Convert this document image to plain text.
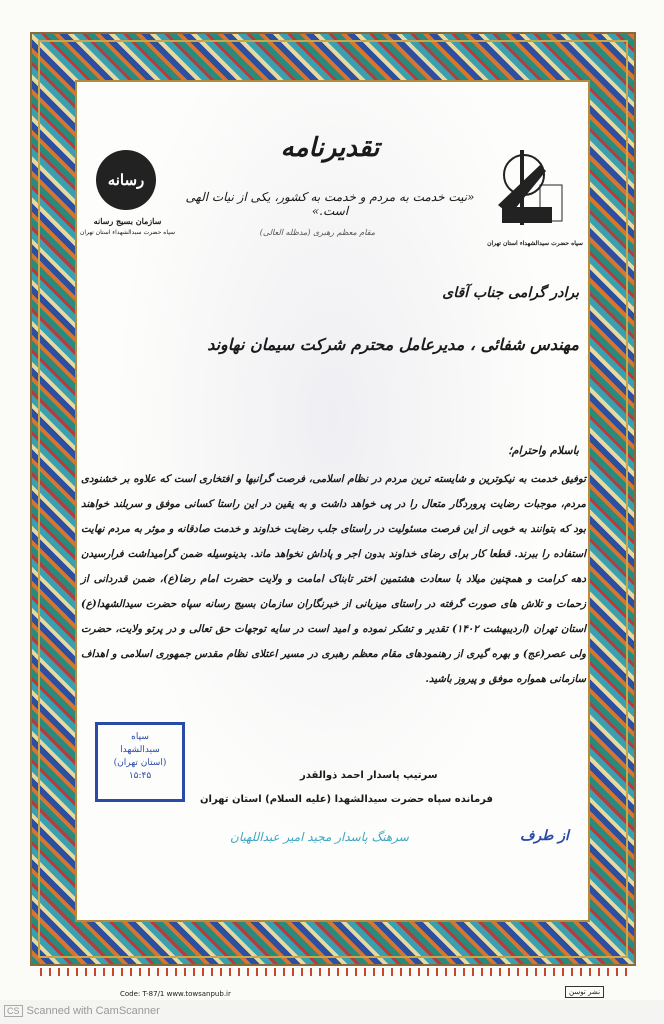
تقدیرنامه
«نیت خدمت به مردم و خدمت به کشور، یکی از نیات الهی است.»
مقام معظم رهبری (مدظله العالی)
رسانه
سازمان بسیج رسانه
سپاه حضرت سیدالشهداء استان تهران
سپاه حضرت سیدالشهداء استان تهران
برادر گرامی جناب آقای
مهندس شفائی ، مدیرعامل محترم شرکت سیمان نهاوند
باسلام واحترام؛
توفیق خدمت به نیکوترین و شایسته ترین مردم در نظام اسلامی، فرصت گرانبها و افتخاری است که علاوه بر خشنودی مردم، موجبات رضایت پروردگار متعال را در پی خواهد داشت و به یقین در این راستا کسانی موفق و سربلند خواهند بود که بتوانند به خوبی از این فرصت مسئولیت در راستای جلب رضایت خداوند و خدمت صادقانه و موثر به مردم نهایت استفاده را ببرند. قطعا کار برای رضای خداوند بدون اجر و پاداش نخواهد ماند. بدینوسیله ضمن گرامیداشت فرارسیدن دهه کرامت و همچنین میلاد با سعادت هشتمین اختر تابناک امامت و ولایت حضرت امام رضا(ع)، ضمن قدردانی از زحمات و تلاش های صورت گرفته در راستای میزبانی از خبرنگاران سازمان بسیج رسانه سپاه حضرت سیدالشهدا(ع) استان تهران (اردیبهشت ۱۴۰۲) تقدیر و تشکر نموده و امید است در سایه توجهات حق تعالی و در پرتو ولایت، حضرت ولی عصر(عج) و بهره گیری از رهنمودهای مقام معظم رهبری در مسیر اعتلای نظام مقدس جمهوری اسلامی و اهداف سازمانی همواره موفق و پیروز باشید.
سپاه
سیدالشهدا
(استان تهران)
۱۵:۴۵	سرتیپ پاسدار احمد ذوالقدر
فرمانده سپاه حضرت سیدالشهدا (علیه السلام) استان تهران
سرهنگ پاسدار مجید امیر عبداللهیان	از طرف
Code: T-87/1 www.towsanpub.ir	نشر توسن
CS Scanned with CamScanner
